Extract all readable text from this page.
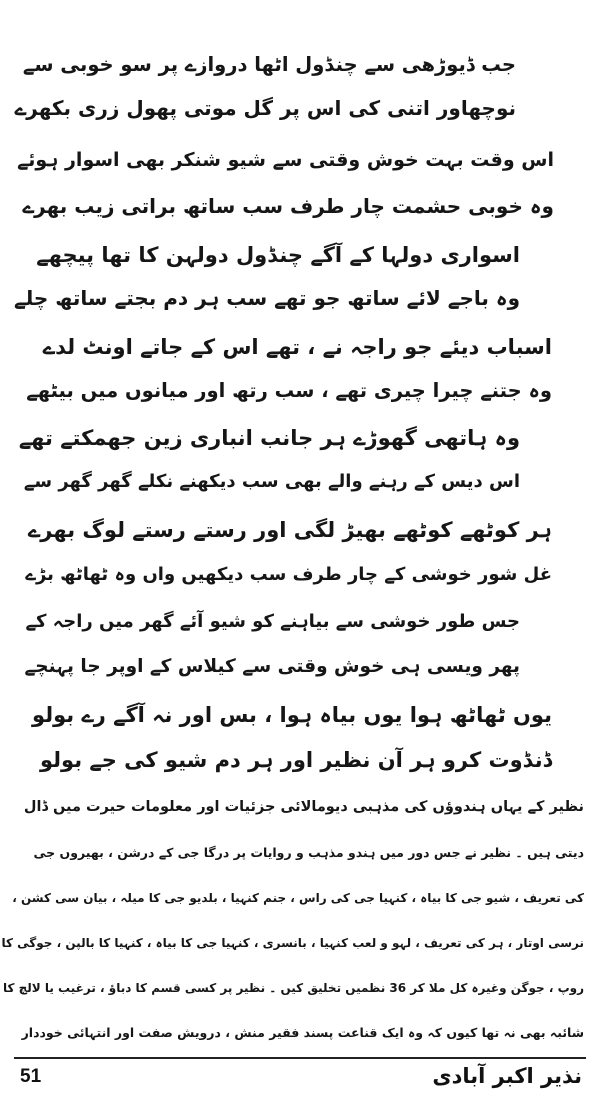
جب ڈیوڑھی سے چنڈول اٹھا دروازے پر سو خوبی سے
نوچھاور اتنی کی اس پر گل موتی پھول زری بکھرے
اس وقت بہت خوش وقتی سے شیو شنکر بھی اسوار ہوئے
وہ خوبی حشمت چار طرف سب ساتھ براتی زیب بھرے
اسواری دولہا کے آگے چنڈول دولہن کا تھا پیچھے
وہ باجے لائے ساتھ جو تھے سب ہر دم بجتے ساتھ چلے
اسباب دیئے جو راجہ نے ، تھے اس کے جاتے اونٹ لدے
وہ جتنے چیرا چیری تھے ، سب رتھ اور میانوں میں بیٹھے
وہ ہاتھی گھوڑے ہر جانب انباری زین جھمکتے تھے
اس دیس کے رہنے والے بھی سب دیکھنے نکلے گھر گھر سے
ہر کوٹھے کوٹھے بھیڑ لگی اور رستے رستے لوگ بھرے
غل شور خوشی کے چار طرف سب دیکھیں واں وہ ٹھاٹھ بڑے
جس طور خوشی سے بیاہنے کو شیو آئے گھر میں راجہ کے
پھر ویسی ہی خوش وقتی سے کیلاس کے اوپر جا پہنچے
یوں ٹھاٹھ ہوا یوں بیاہ ہوا ، بس اور نہ آگے رے بولو
ڈنڈوت کرو ہر آن نظیر اور ہر دم شیو کی جے بولو
نظیر کے یہاں ہندوؤں کی مذہبی دیومالائی جزئیات اور معلومات حیرت میں ڈال
دیتی ہیں ۔ نظیر نے جس دور میں ہندو مذہب و روایات پر درگا جی کے درشن ، بھیروں جی
کی تعریف ، شیو جی کا بیاہ ، کنہیا جی کی راس ، جنم کنہیا ، بلدیو جی کا میلہ ، بیان سی کشن ،
نرسی اوتار ، ہر کی تعریف ، لہو و لعب کنہیا ، بانسری ، کنہیا جی کا بیاہ ، کنہیا کا بالپن ، جوگی کا
روپ ، جوگن وغیرہ کل ملا کر 36 نظمیں تخلیق کیں ۔ نظیر پر کسی قسم کا دباؤ ، ترغیب یا لالچ کا
شائبہ بھی نہ تھا کیوں کہ وہ ایک قناعت پسند فقیر منش ، درویش صفت اور انتہائی خوددار
51	نذیر اکبر آبادی
